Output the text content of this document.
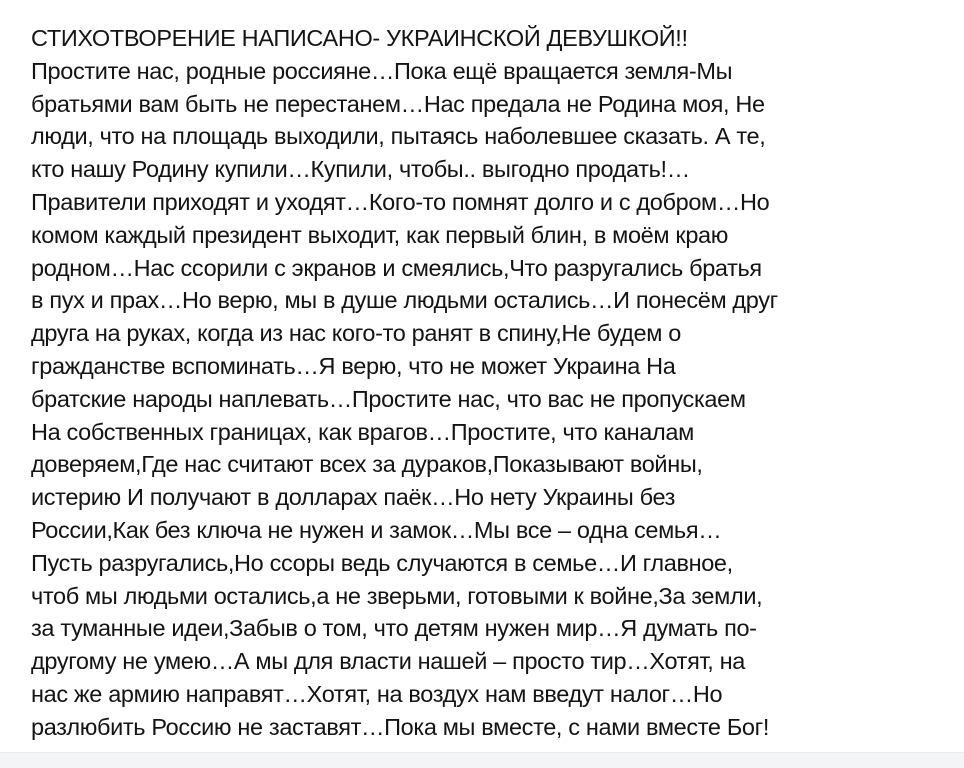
СТИХОТВОРЕНИЕ НАПИСАНО- УКРАИНСКОЙ ДЕВУШКОЙ!!
Простите нас, родные россияне…Пока ещё вращается земля-Мы
братьями вам быть не перестанем…Нас предала не Родина моя, Не
люди, что на площадь выходили, пытаясь наболевшее сказать. А те,
кто нашу Родину купили…Купили, чтобы.. выгодно продать!…
Правители приходят и уходят…Кого-то помнят долго и с добром…Но
комом каждый президент выходит, как первый блин, в моём краю
родном…Нас ссорили с экранов и смеялись,Что разругались братья
в пух и прах…Но верю, мы в душе людьми остались…И понесём друг
друга на руках, когда из нас кого-то ранят в спину,Не будем о
гражданстве вспоминать…Я верю, что не может Украина На
братские народы наплевать…Простите нас, что вас не пропускаем
На собственных границах, как врагов…Простите, что каналам
доверяем,Где нас считают всех за дураков,Показывают войны,
истерию И получают в долларах паёк…Но нету Украины без
России,Как без ключа не нужен и замок…Мы все – одна семья…
Пусть разругались,Но ссоры ведь случаются в семье…И главное,
чтоб мы людьми остались,а не зверьми, готовыми к войне,За земли,
за туманные идеи,Забыв о том, что детям нужен мир…Я думать по-
другому не умею…А мы для власти нашей – просто тир…Хотят, на
нас же армию направят…Хотят, на воздух нам введут налог…Но
разлюбить Россию не заставят…Пока мы вместе, с нами вместе Бог!
